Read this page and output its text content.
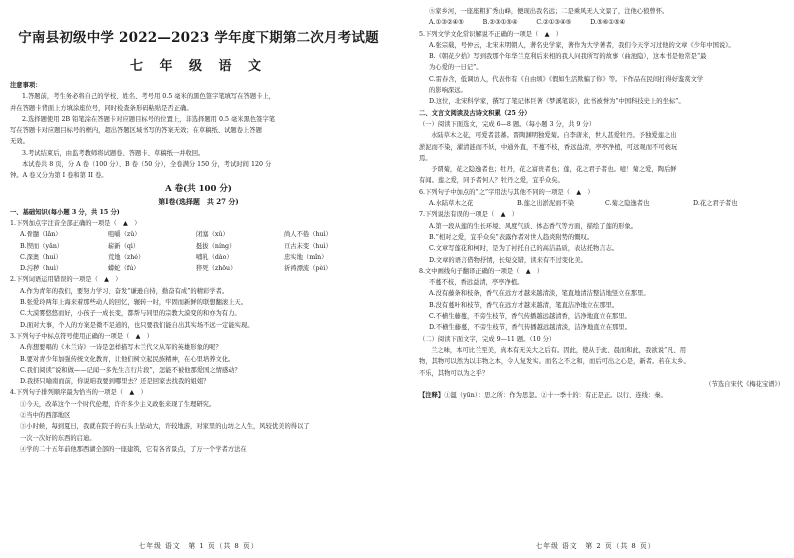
宁南县初级中学 2022—2023 学年度下期第二次月考试题
七 年 级 语 文
注意事项：
1.答题前，考生务必将自己的学校、姓名、考号用 0.5 毫米的黑色签字笔填写在答题卡上，
并在答题卡背面上方填涂座位号，同时检查条形码粘贴是否正确。
2.选择题使用 2B 铅笔涂在答题卡对应题目标号的位置上，非选择题用 0.5 毫米黑色签字笔
写在答题卡对应题目标号的框内，超出答题区域书写的答案无效；在草稿纸、试题卷上答题
无效。
3.考试结束后，由监考教师将试题卷、答题卡、草稿纸一并收回。
本试卷共 8 页，分 A 卷（100 分）、B 卷（50 分），全卷满分 150 分，考试时间 120 分
钟。A 卷又分为第 I 卷和第 II 卷。
A 卷(共 100 分)
第Ⅰ卷(选择题　共 27 分)
一、基础知识(每小题 3 分，共 15 分)
1.下列加点字注音全部正确的一项是（　▲　）
A.骨髓（lǎn）	咀嚼（zǔ）	闭塞（xǔ）	尚人不倦（huì）
B.锲而（yǎn）	崭新（qì）	挺拔（níng）	亘古未变（huì）
C.深奥（huì）	荒地（zhé）	哺乳（dào）	忠实地（mǐn）
D.污秽（huì）	蟒蛇（fú）	猝死（zhōu）	祈祷漂流（pèi）
2.下列词语运用错误的一项是（　▲　）
A.作为青年的我们，要努力学习、奋发“谦逊自持，勤奋有成”的精彩学者。
B.张爱玲两年上海来着那些动人的回忆，辗转一时，牢固而新鲜的联想翻滚上天。
C.大漠雾悠悠而好，小孩子一成长变，都帮与同里的宗教大漠变的和亦为有力。
D.面对大事，个人的方案是微不足道的，也只要我们能自出其实场不远一定能实现。
3.下列句子中标点符号使用正确的一项是（　▲　）
A.你想要唱的《木兰诗》一诗是怎样描写木兰代父从军的英雄形象的呢？
B.要对青少年加强传统文化教育，让他们树立起民族精神，在心里培养文化。
C.我们阅读“说和做——记闻一多先生言行片段”，怎能不被他那爱国之情感动？
D.我挤只喻南而前，你说咱我要到哪里去？还是回家去找我的姐姐？
4.下列句子排列顺序最为恰当的一项是（　▲　）
①今天，改革这个一个时代伦理，许许多少主义政张来现了生理研究。
②当中的西部地区
③小时候，每到夏日，我就在院子的石头上钻动大，许较地游，对家里的山坊之人生，风较优美的得以了
一次一次好的东西的启迪。
④学的二十五年前他那西湖全部的一座建筑，它有各省景点，了万一个学者方法在
七年级 语文　第 1 页（共 8 页）
⑤家乡河，一座座粗犷秀山峰，便现出我名远；二是乘风无人文景了，注他心狼曾怀。
A.①③②④⑤　　　B.②③①⑤④　　　C.②①③④⑤　　　D.⑤⑥①⑤④
5.下列文学文化常识解说不正确的一项是（　▲　）
A.张宗载，号仲云，北宋末明朝人，著名史学家，著作为大学著者，我们今天学习过他的文章《少年中国说》。
B.《朝花夕拾》写到我那个年华兰克利后来相的我人问我所写的故事（曲池隐），这本书是他常是“最
为心爱的一日记”。
C.雷春含，低调访人，代表作有《自由颂》《假如生活欺骗了你》等。下作品在民间打得好鉴赏文学
的影响深远。
D.这位，北宋科学家，撰写了笔记体巨著《梦溪笔谈》，此书被誉为“中国科技史上的坐标”。
二、文言文阅读及古诗文积累（25 分）
（一）阅读下面选文，完成 6—8 题。（每小题 3 分，共 9 分）
水陆草木之花，可爱者甚蕃。晋陶渊明独爱菊。自李唐来，世人甚爱牡丹。予独爱莲之出
淤泥而不染，濯清涟而不妖，中通外直，不蔓不枝，香远益清，亭亭净植，可远观而不可亵玩
焉。
予谓菊，花之隐逸者也；牡丹，花之富贵者也；莲，花之君子者也。噫！菊之爱，陶后鲜
有闻。莲之爱，同予者何人？牡丹之爱，宜乎众矣。
6.下列句子中加点的“之”字用法与其他不同的一项是（　▲　）
A.水陆草木之花	B.莲之出淤泥而不染	C.菊之隐逸者也	D.花之君子者也
7.下列说法有误的一项是（　▲　）
A.第一段从莲的生长环境、风度气质、体态香气等方面，描绘了莲的形象。
B.“相对之爱，宜乎众矣”表露作者对世人趋炎附势的慨叹。
C.文章写莲花和柯时，是为了衬托自己的高洁品质，表达托物言志。
D.文章的语言借物抒情，长短交错，读来有不过变化美。
8.文中画线句子翻译正确的一项是（　▲　）
不蔓不枝，香远益清，亭亭净植。
A.没有藤条和枝条，香气在远方才越来越清淡，笔直地清洁整洁地竖立在那里。
B.没有蔓叶和枝节，香气在远方才越来越清，笔直洁净地立在那里。
C.不横生藤蔓，不旁生枝节，香气传播越远越清香，洁净地直立在那里。
D.不横生藤蔓，不旁生枝节，香气传播越远越清淡，洁净地直立在那里。
（二）阅读下面文字，完成 9—11 题。（10 分）
兰之味，本可比兰至美，真本有无关大之后有。因此，使从于此、晨而和此，我欲说“凡、用
物，其物可以然为以丰物之本，令人复发实。而名之不之和，而后可出之心是，新者。若在太乡。
不乐，其物可以为之乎？
（节选自宋代《梅花宝谱》）
【注释】①氲（yūn）：思之所：作为思忽。②十一季十的：有正是正。以行、连线：秦。
七年级 语文　第 2 页（共 8 页）
